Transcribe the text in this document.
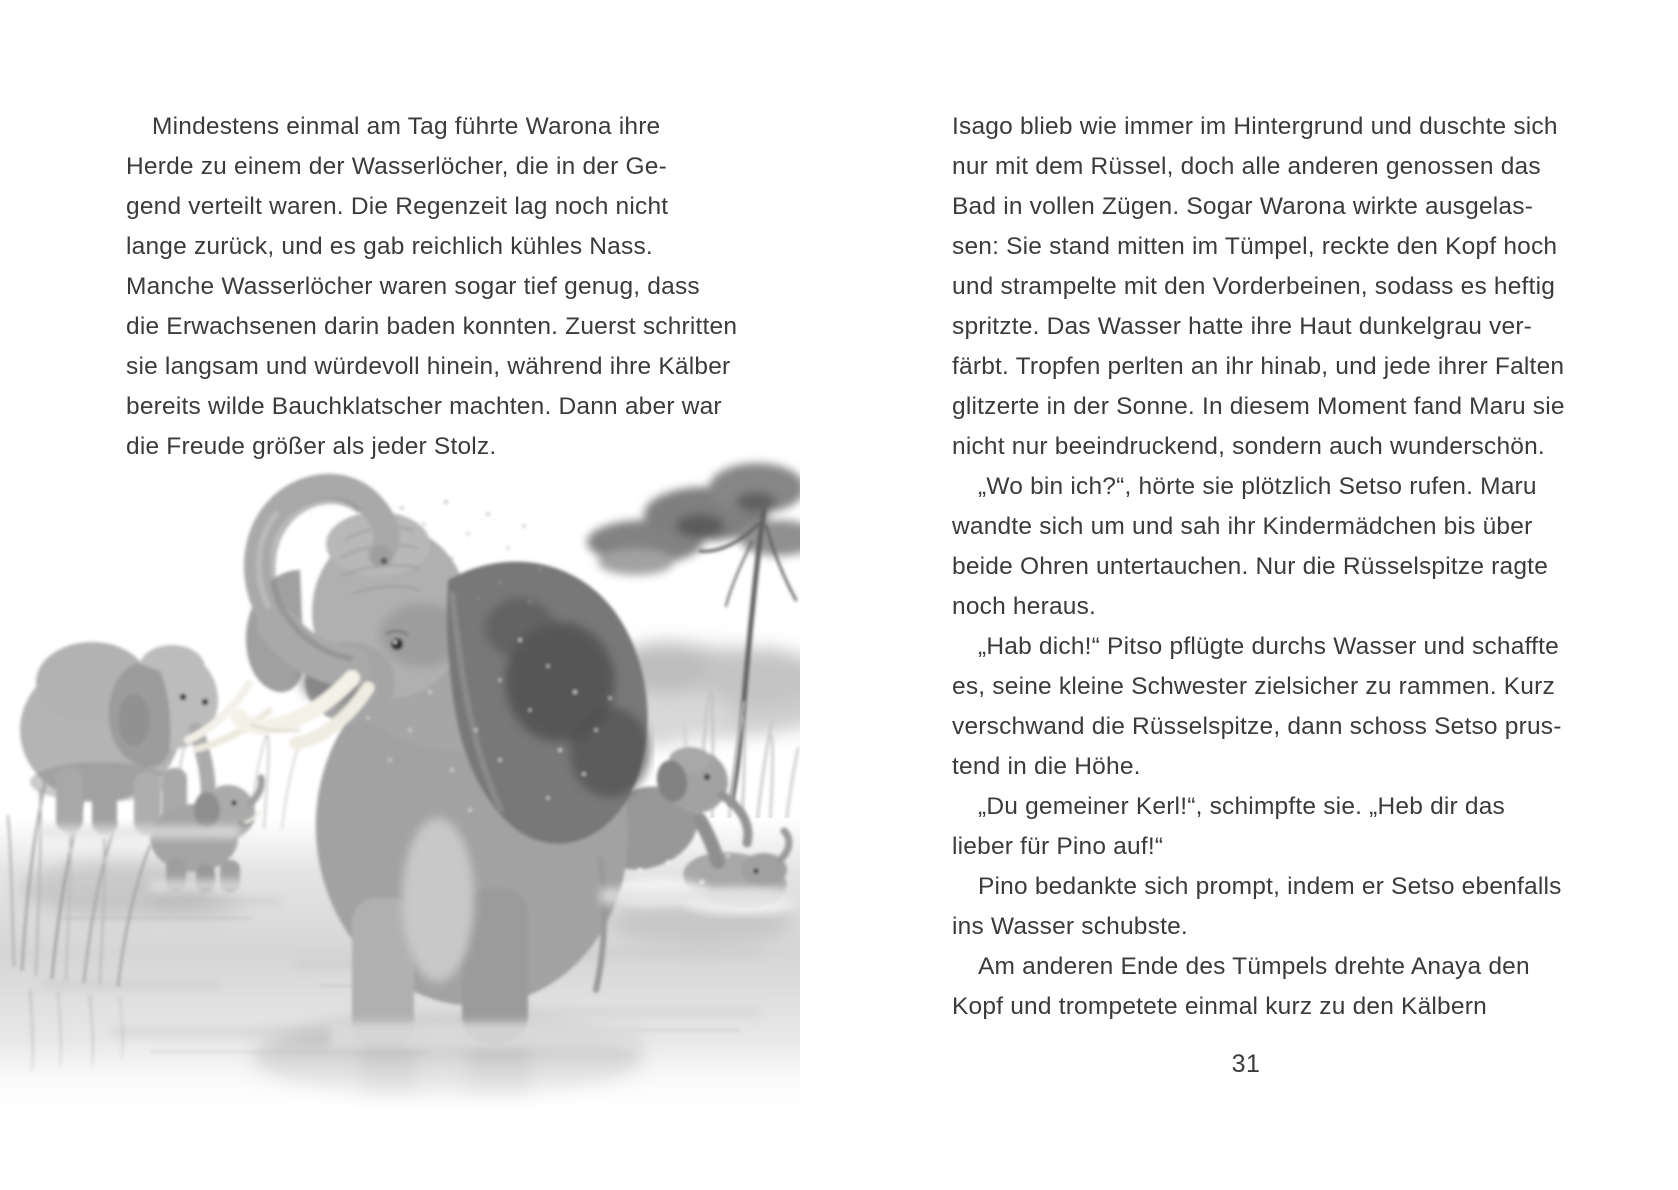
Mindestens einmal am Tag führte Warona ihre
Herde zu einem der Wasserlöcher, die in der Ge-
gend verteilt waren. Die Regenzeit lag noch nicht
lange zurück, und es gab reichlich kühles Nass.
Manche Wasserlöcher waren sogar tief genug, dass
die Erwachsenen darin baden konnten. Zuerst schritten
sie langsam und würdevoll hinein, während ihre Kälber
bereits wilde Bauchklatscher machten. Dann aber war
die Freude größer als jeder Stolz.
Isago blieb wie immer im Hintergrund und duschte sich
nur mit dem Rüssel, doch alle anderen genossen das
Bad in vollen Zügen. Sogar Warona wirkte ausgelas-
sen: Sie stand mitten im Tümpel, reckte den Kopf hoch
und strampelte mit den Vorderbeinen, sodass es heftig
spritzte. Das Wasser hatte ihre Haut dunkelgrau ver-
färbt. Tropfen perlten an ihr hinab, und jede ihrer Falten
glitzerte in der Sonne. In diesem Moment fand Maru sie
nicht nur beeindruckend, sondern auch wunderschön.
„Wo bin ich?“, hörte sie plötzlich Setso rufen. Maru
wandte sich um und sah ihr Kindermädchen bis über
beide Ohren untertauchen. Nur die Rüsselspitze ragte
noch heraus.
„Hab dich!“ Pitso pflügte durchs Wasser und schaffte
es, seine kleine Schwester zielsicher zu rammen. Kurz
verschwand die Rüsselspitze, dann schoss Setso prus-
tend in die Höhe.
„Du gemeiner Kerl!“, schimpfte sie. „Heb dir das
lieber für Pino auf!“
Pino bedankte sich prompt, indem er Setso ebenfalls
ins Wasser schubste.
Am anderen Ende des Tümpels drehte Anaya den
Kopf und trompetete einmal kurz zu den Kälbern
31
